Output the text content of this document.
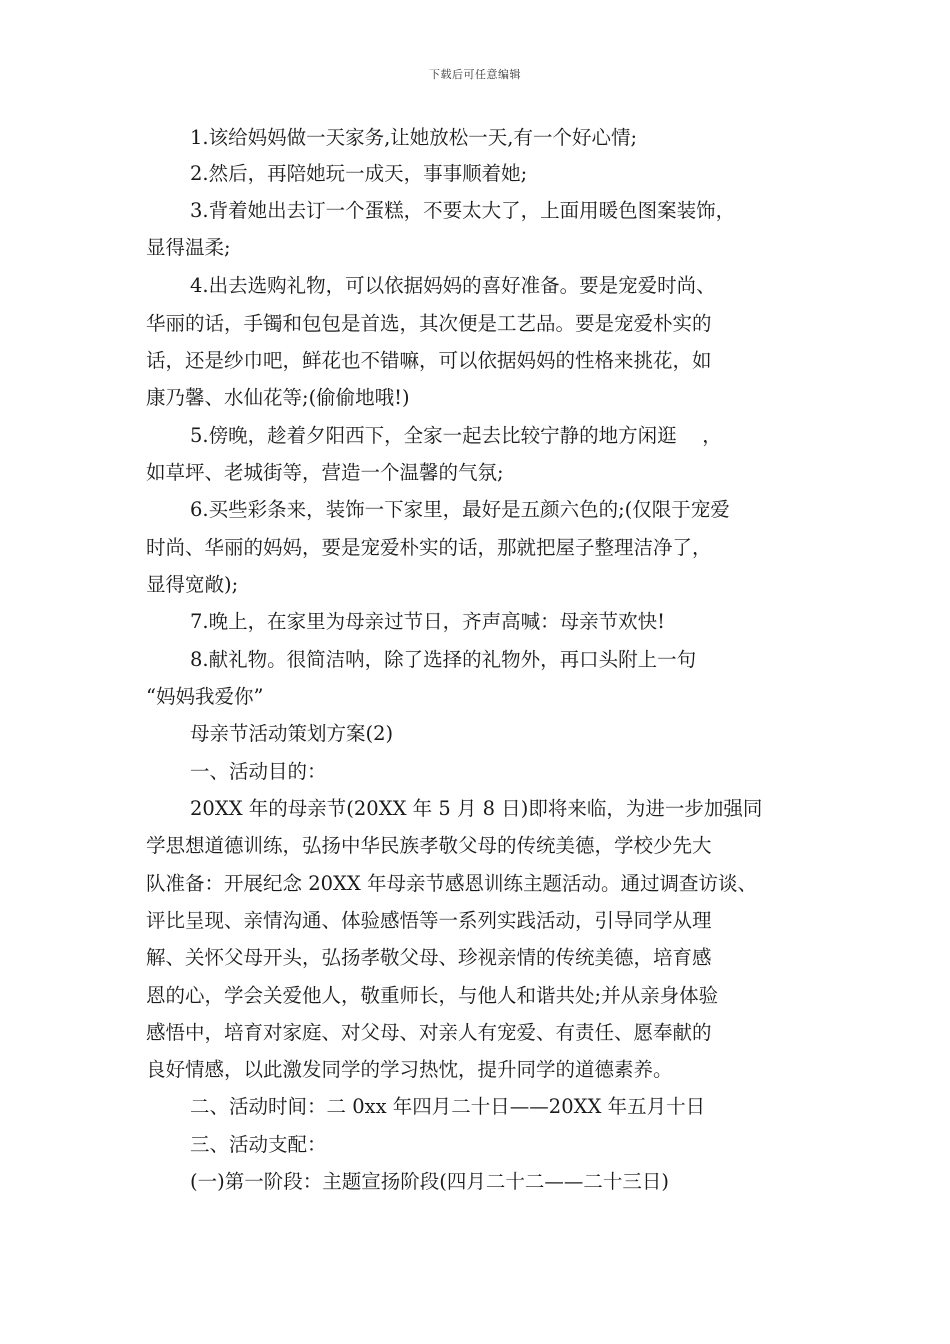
下载后可任意编辑
1.该给妈妈做一天家务,让她放松一天,有一个好心情;
2.然后，再陪她玩一成天，事事顺着她;
3.背着她出去订一个蛋糕，不要太大了，上面用暖色图案装饰，
显得温柔;
4.出去选购礼物，可以依据妈妈的喜好准备。要是宠爱时尚、
华丽的话，手镯和包包是首选，其次便是工艺品。要是宠爱朴实的
话，还是纱巾吧，鲜花也不错嘛，可以依据妈妈的性格来挑花，如
康乃馨、水仙花等;(偷偷地哦!)
5.傍晚，趁着夕阳西下，全家一起去比较宁静的地方闲逛　 ，
如草坪、老城街等，营造一个温馨的气氛;
6.买些彩条来，装饰一下家里，最好是五颜六色的;(仅限于宠爱
时尚、华丽的妈妈，要是宠爱朴实的话，那就把屋子整理洁净了，
显得宽敞);
7.晚上，在家里为母亲过节日，齐声高喊：母亲节欢快!
8.献礼物。很简洁呐，除了选择的礼物外，再口头附上一句
“妈妈我爱你”
母亲节活动策划方案(2)
一、活动目的：
20XX 年的母亲节(20XX 年 5 月 8 日)即将来临，为进一步加强同
学思想道德训练，弘扬中华民族孝敬父母的传统美德，学校少先大
队准备：开展纪念 20XX 年母亲节感恩训练主题活动。通过调查访谈、
评比呈现、亲情沟通、体验感悟等一系列实践活动，引导同学从理
解、关怀父母开头，弘扬孝敬父母、珍视亲情的传统美德，培育感
恩的心，学会关爱他人，敬重师长，与他人和谐共处;并从亲身体验
感悟中，培育对家庭、对父母、对亲人有宠爱、有责任、愿奉献的
良好情感，以此激发同学的学习热忱，提升同学的道德素养。
二、活动时间：二 0xx 年四月二十日——20XX 年五月十日
三、活动支配：
(一)第一阶段：主题宣扬阶段(四月二十二——二十三日)
